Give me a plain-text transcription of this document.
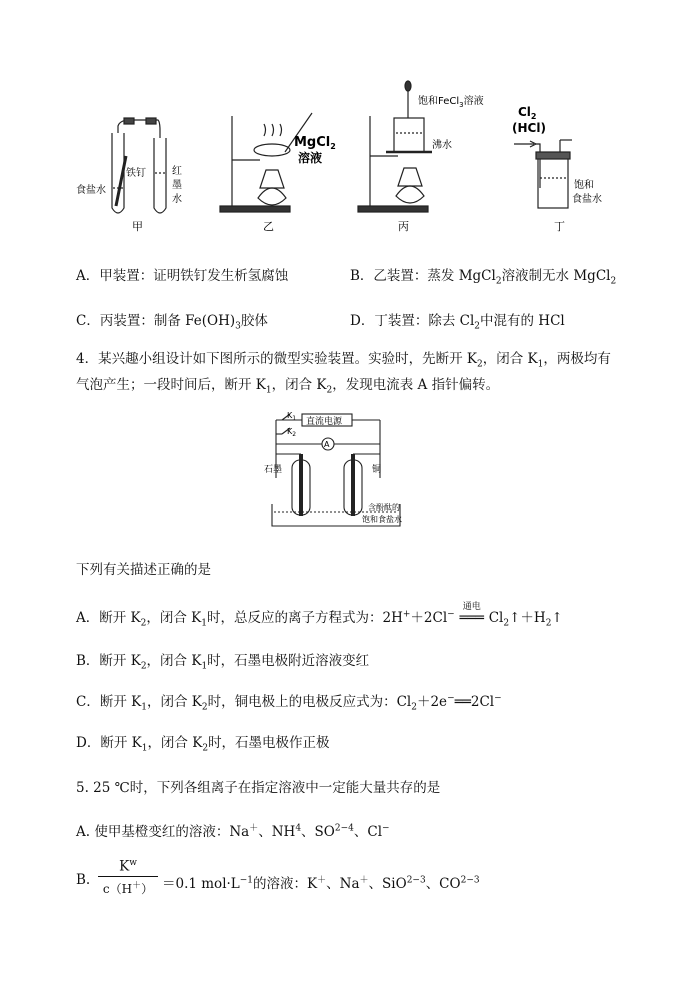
食盐水
铁钉	红
墨
水
甲
MgCl$_2$
溶液
乙
饱和FeCl$_3$溶液
沸水
丙
$Cl_2$
(HCl)
饱和
食盐水
丁
A．甲装置：证明铁钉发生析氢腐蚀	B．乙装置：蒸发 MgCl$_2$溶液制无水 MgCl$_2$
C．丙装置：制备 $Fe(OH)_3$胶体	D．丁装置：除去 $Cl_2$中混有的 HCl
4．某兴趣小组设计如下图所示的微型实验装置。实验时，先断开 $K_2$，闭合 $K_1$，两极均有
气泡产生；一段时间后，断开 $K_1$，闭合 $K_2$，发现电流表 A 指针偏转。
$K_1$
$K_2$
直流电源
A
石墨	铜
含酚酞的
饱和食盐水
下列有关描述正确的是
A．断开 $K_2$，闭合 $K_1$时，总反应的离子方程式为：2H+＋2Cl−
通电
═══ $Cl_2↑+H_2↑$
B．断开 $K_2$，闭合 $K_1$时，石墨电极附近溶液变红
C．断开 $K_1$，闭合 $K_2$时，铜电极上的电极反应式为：$Cl_2+2e^-══2Cl^-$
D．断开 $K_1$，闭合 $K_2$时，石墨电极作正极
5. 25 ℃时，下列各组离子在指定溶液中一定能大量共存的是
A. 使甲基橙变红的溶液：Na＋、$NH^4$、$SO^{2-4}$、Cl−
B. $\frac{K^w}{c(H^+)} =0.1$ $mol\cdot L^{-1}$的溶液：K＋、Na＋、SiO$^{2-3}$、$CO^{2-3}$
